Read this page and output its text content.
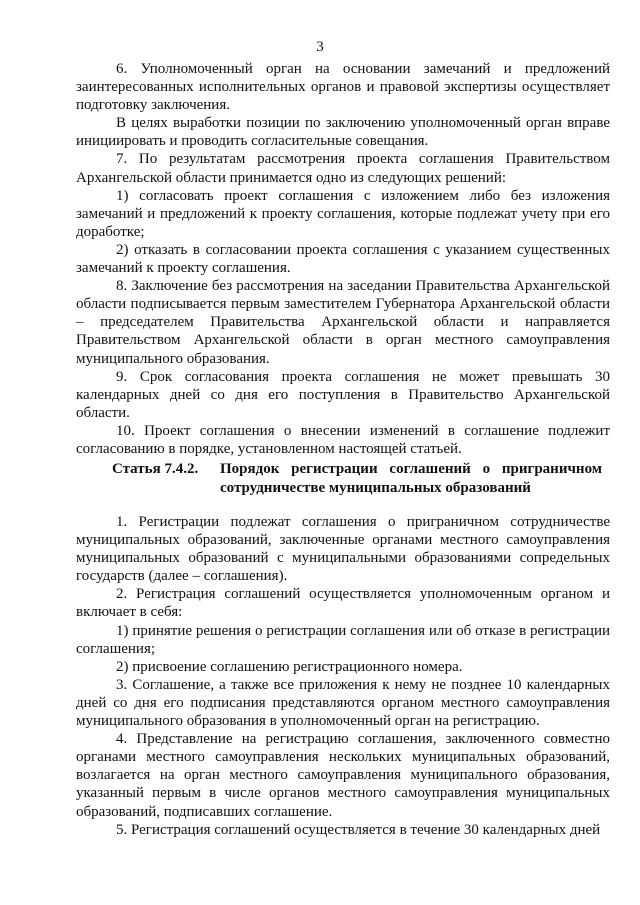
3

6. Уполномоченный орган на основании замечаний и предложений заинтересованных исполнительных органов и правовой экспертизы осуществляет подготовку заключения.

В целях выработки позиции по заключению уполномоченный орган вправе инициировать и проводить согласительные совещания.

7. По результатам рассмотрения проекта соглашения Правительством Архангельской области принимается одно из следующих решений:

1) согласовать проект соглашения с изложением либо без изложения замечаний и предложений к проекту соглашения, которые подлежат учету при его доработке;

2) отказать в согласовании проекта соглашения с указанием существенных замечаний к проекту соглашения.

8. Заключение без рассмотрения на заседании Правительства Архангельской области подписывается первым заместителем Губернатора Архангельской области – председателем Правительства Архангельской области и направляется Правительством Архангельской области в орган местного самоуправления муниципального образования.

9. Срок согласования проекта соглашения не может превышать 30 календарных дней со дня его поступления в Правительство Архангельской области.

10. Проект соглашения о внесении изменений в соглашение подлежит согласованию в порядке, установленном настоящей статьей.

Статья 7.4.2. Порядок регистрации соглашений о приграничном сотрудничестве муниципальных образований

1. Регистрации подлежат соглашения о приграничном сотрудничестве муниципальных образований, заключенные органами местного самоуправления муниципальных образований с муниципальными образованиями сопредельных государств (далее – соглашения).

2. Регистрация соглашений осуществляется уполномоченным органом и включает в себя:

1) принятие решения о регистрации соглашения или об отказе в регистрации соглашения;

2) присвоение соглашению регистрационного номера.

3. Соглашение, а также все приложения к нему не позднее 10 календарных дней со дня его подписания представляются органом местного самоуправления муниципального образования в уполномоченный орган на регистрацию.

4. Представление на регистрацию соглашения, заключенного совместно органами местного самоуправления нескольких муниципальных образований, возлагается на орган местного самоуправления муниципального образования, указанный первым в числе органов местного самоуправления муниципальных образований, подписавших соглашение.

5. Регистрация соглашений осуществляется в течение 30 календарных дней
